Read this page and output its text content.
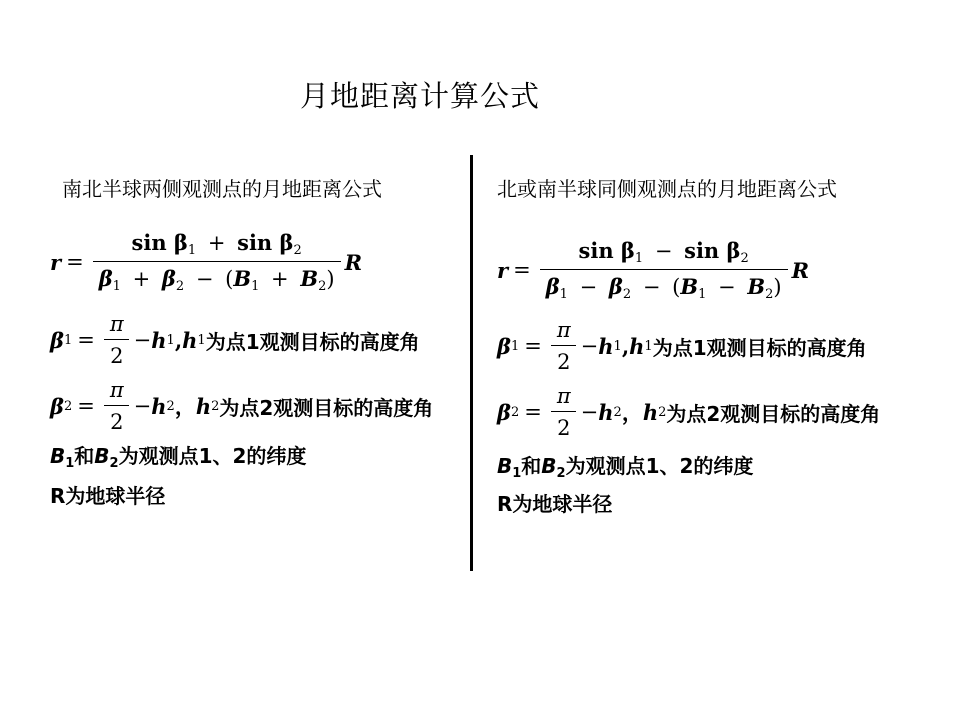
月地距离计算公式
南北半球两侧观测点的月地距离公式
r =
$\sin \beta_1 + \sin \beta_2$
$\beta_1 + \beta_2 - (B_1 + B_2)$
R
β $1 = \frac{\pi}{2} - h$ 1 , h 1 为点1观测目标的高度角
β $2 = \frac{\pi}{2} - h$ 2 ， h 2 为点2观测目标的高度角
$B_1$和$B_2$为观测点1、2的纬度
R为地球半径
北或南半球同侧观测点的月地距离公式
r =
$\sin \beta_1 - \sin \beta_2$
$\beta_1 - \beta_2 - (B_1 - B_2)$
R
β $1 = \frac{\pi}{2} - h$ 1 , h 1 为点1观测目标的高度角
β $2 = \frac{\pi}{2} - h$ 2 ， h 2 为点2观测目标的高度角
$B_1$和$B_2$为观测点1、2的纬度
R为地球半径
